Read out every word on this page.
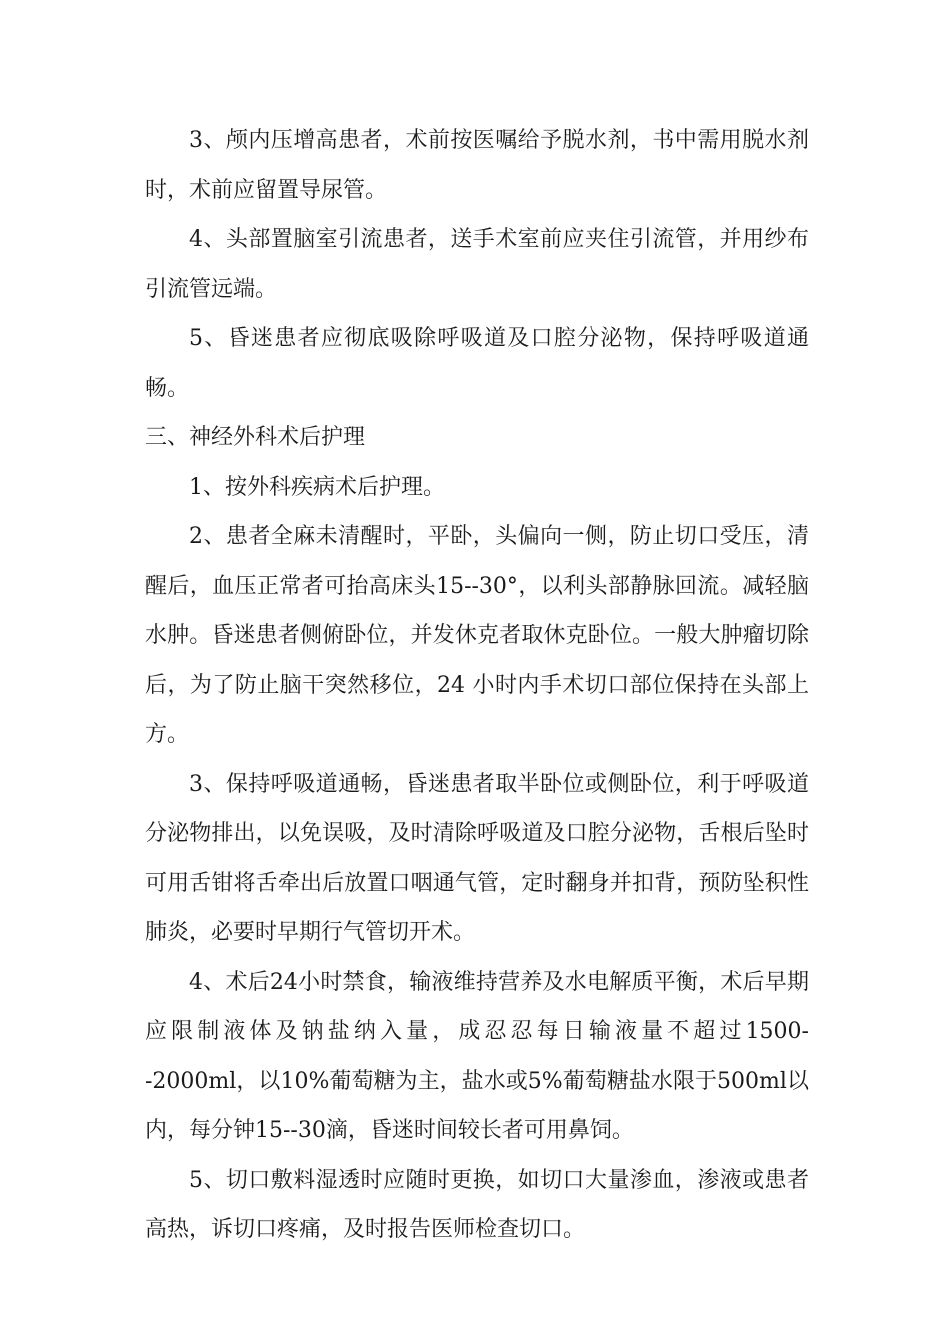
3、颅内压增高患者，术前按医嘱给予脱水剂，书中需用脱水剂时，术前应留置导尿管。

4、头部置脑室引流患者，送手术室前应夹住引流管，并用纱布引流管远端。

5、昏迷患者应彻底吸除呼吸道及口腔分泌物，保持呼吸道通畅。

三、神经外科术后护理

1、按外科疾病术后护理。

2、患者全麻未清醒时，平卧，头偏向一侧，防止切口受压，清醒后，血压正常者可抬高床头15--30°，以利头部静脉回流。减轻脑水肿。昏迷患者侧俯卧位，并发休克者取休克卧位。一般大肿瘤切除后，为了防止脑干突然移位，24 小时内手术切口部位保持在头部上方。

3、保持呼吸道通畅，昏迷患者取半卧位或侧卧位，利于呼吸道分泌物排出，以免误吸，及时清除呼吸道及口腔分泌物，舌根后坠时可用舌钳将舌牵出后放置口咽通气管，定时翻身并扣背，预防坠积性肺炎，必要时早期行气管切开术。

4、术后24小时禁食，输液维持营养及水电解质平衡，术后早期应限制液体及钠盐纳入量，成忍忍每日输液量不超过1500--2000ml，以10%葡萄糖为主，盐水或5%葡萄糖盐水限于500ml以内，每分钟15--30滴，昏迷时间较长者可用鼻饲。

5、切口敷料湿透时应随时更换，如切口大量渗血，渗液或患者高热，诉切口疼痛，及时报告医师检查切口。
